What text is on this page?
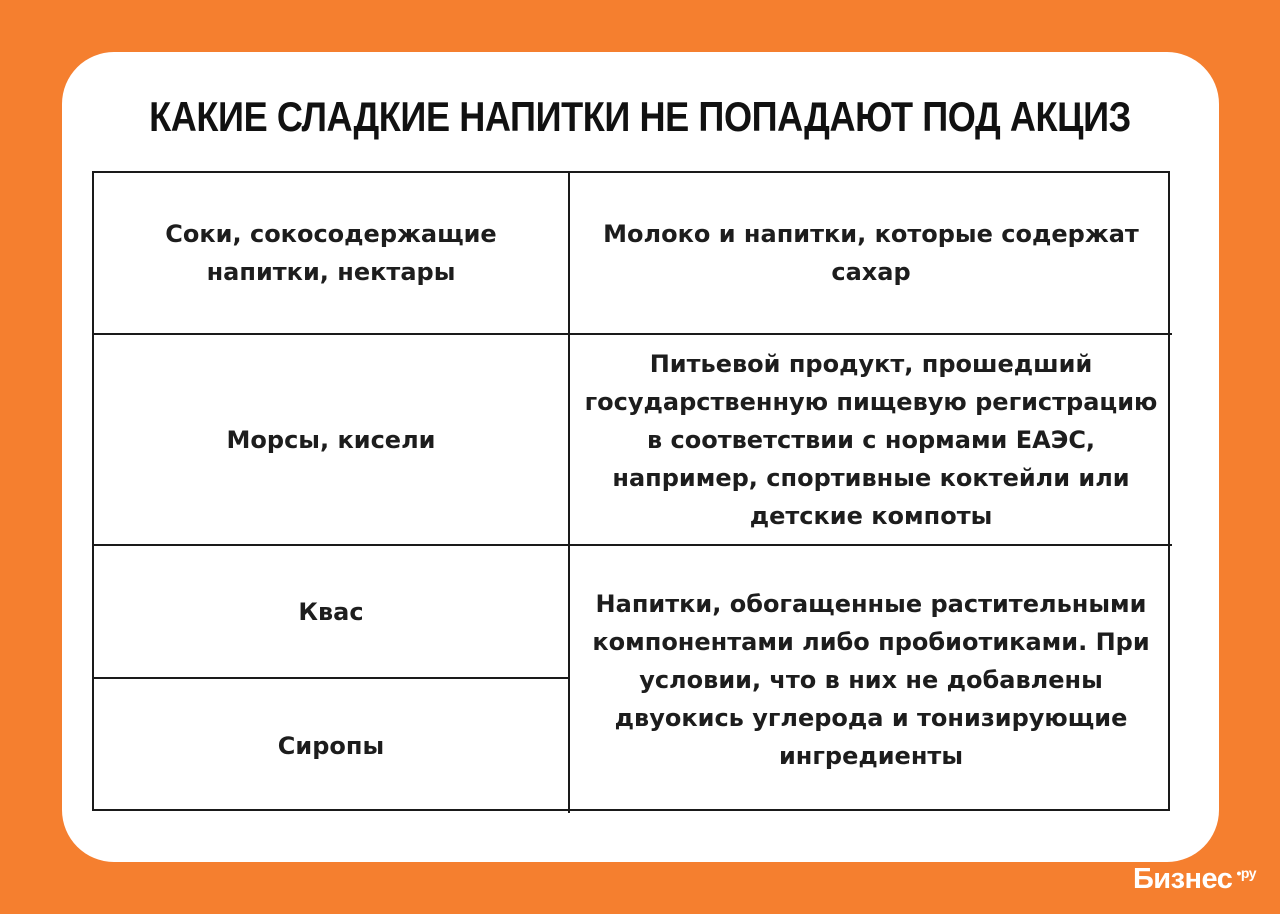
КАКИЕ СЛАДКИЕ НАПИТКИ НЕ ПОПАДАЮТ ПОД АКЦИЗ
Соки, сокосодержащие напитки, нектары
Молоко и напитки, которые содержат сахар
Морсы, кисели
Питьевой продукт, прошедший государственную пищевую регистрацию в соответствии с нормами ЕАЭС, например, спортивные коктейли или детские компоты
Квас	Напитки, обогащенные растительными компонентами либо пробиотиками. При условии, что в них не добавлены двуокись углерода и тонизирующие ингредиенты
Сиропы
Бизнес •ру
